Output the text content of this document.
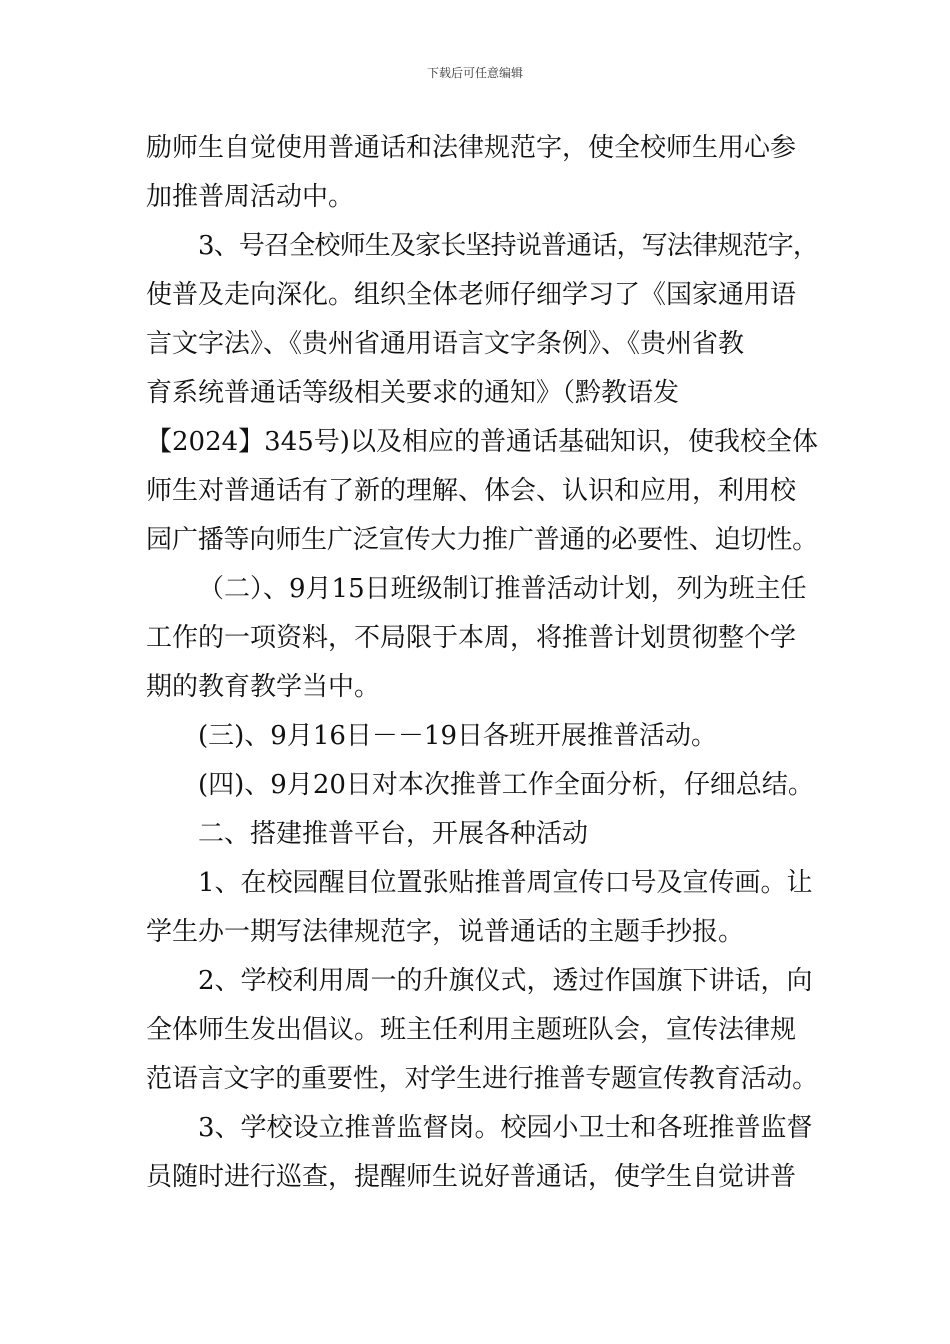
下载后可任意编辑
励师生自觉使用普通话和法律规范字，使全校师生用心参
加推普周活动中。
3、号召全校师生及家长坚持说普通话，写法律规范字，
使普及走向深化。组织全体老师仔细学习了《国家通用语
言文字法》、《贵州省通用语言文字条例》、《贵州省教
育系统普通话等级相关要求的通知》（黔教语发
【2024】345号)以及相应的普通话基础知识，使我校全体
师生对普通话有了新的理解、体会、认识和应用，利用校
园广播等向师生广泛宣传大力推广普通的必要性、迫切性。
（二）、9月15日班级制订推普活动计划，列为班主任
工作的一项资料，不局限于本周，将推普计划贯彻整个学
期的教育教学当中。
(三)、9月16日－－19日各班开展推普活动。
(四)、9月20日对本次推普工作全面分析，仔细总结。
二、搭建推普平台，开展各种活动
1、在校园醒目位置张贴推普周宣传口号及宣传画。让
学生办一期写法律规范字，说普通话的主题手抄报。
2、学校利用周一的升旗仪式，透过作国旗下讲话，向
全体师生发出倡议。班主任利用主题班队会，宣传法律规
范语言文字的重要性，对学生进行推普专题宣传教育活动。
3、学校设立推普监督岗。校园小卫士和各班推普监督
员随时进行巡查，提醒师生说好普通话，使学生自觉讲普
